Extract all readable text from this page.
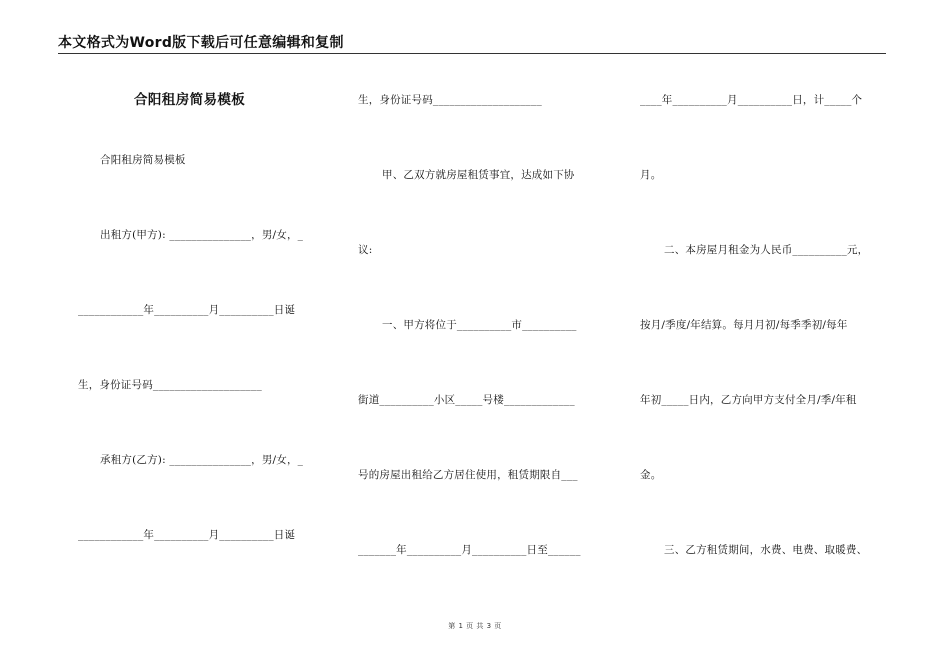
本文格式为Word版下载后可任意编辑和复制
合阳租房简易模板
合阳租房简易模板
出租方(甲方): _______________，男/女，_
____________年__________月__________日诞
生，身份证号码____________________
承租方(乙方): _______________，男/女，_
____________年__________月__________日诞
生，身份证号码____________________
甲、乙双方就房屋租赁事宜，达成如下协
议:
一、甲方将位于__________市__________
街道__________小区_____号楼_____________
号的房屋出租给乙方居住使用，租赁期限自___
_______年__________月__________日至______
____年__________月__________日，计_____个
月。
二、本房屋月租金为人民币__________元，
按月/季度/年结算。每月月初/每季季初/每年
年初_____日内，乙方向甲方支付全月/季/年租
金。
三、乙方租赁期间，水费、电费、取暖费、
第 1 页 共 3 页
